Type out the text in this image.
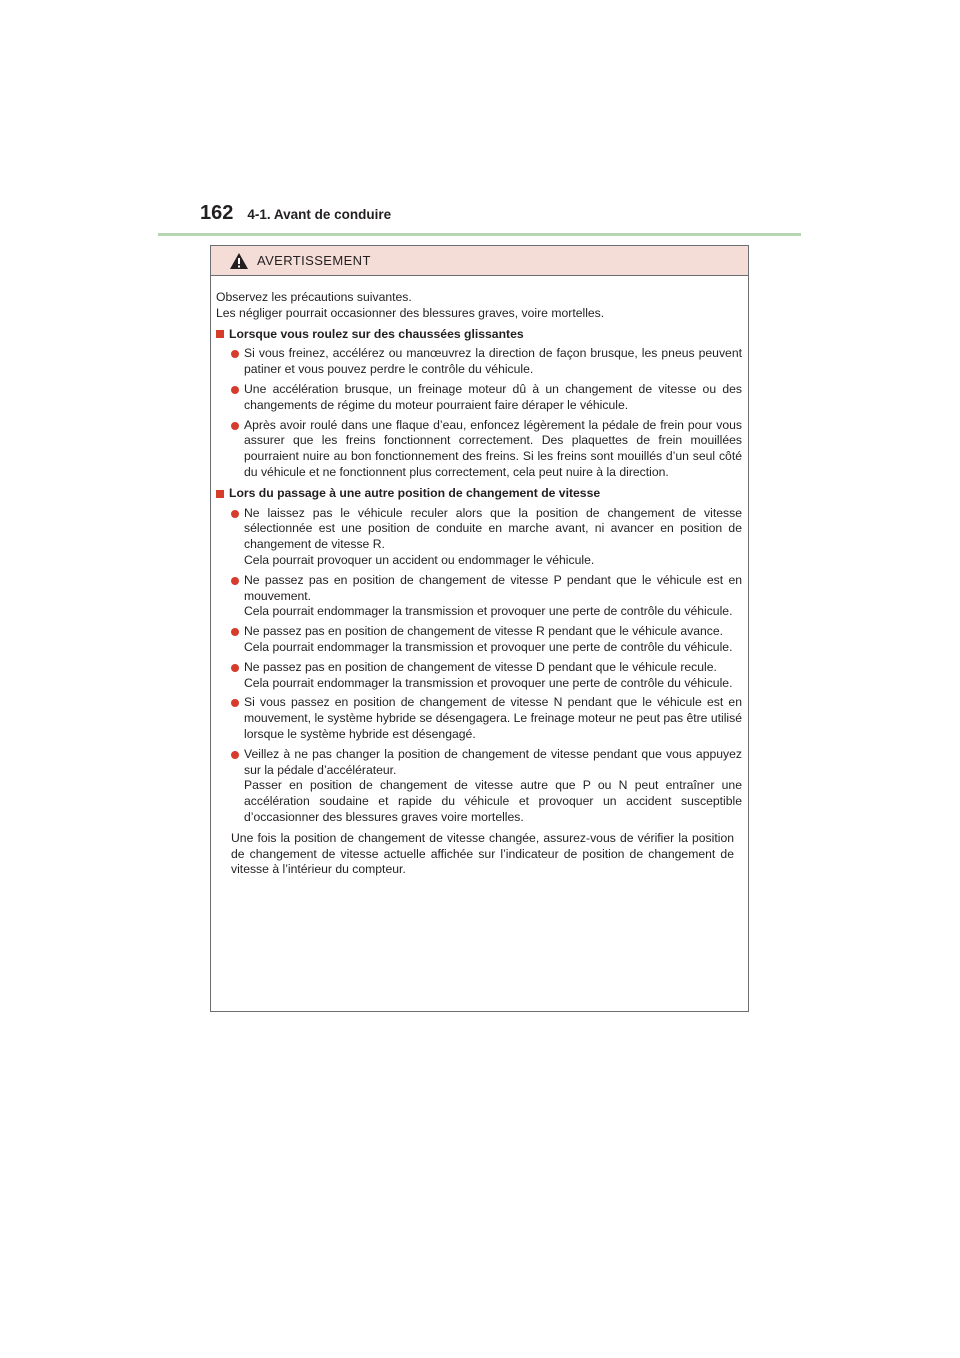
162 4-1. Avant de conduire
AVERTISSEMENT

Observez les précautions suivantes.

Les négliger pourrait occasionner des blessures graves, voire mortelles.

Lorsque vous roulez sur des chaussées glissantes

Si vous freinez, accélérez ou manœuvrez la direction de façon brusque, les pneus peuvent patiner et vous pouvez perdre le contrôle du véhicule.

Une accélération brusque, un freinage moteur dû à un changement de vitesse ou des changements de régime du moteur pourraient faire déraper le véhicule.

Après avoir roulé dans une flaque d’eau, enfoncez légèrement la pédale de frein pour vous assurer que les freins fonctionnent correctement. Des plaquettes de frein mouillées pourraient nuire au bon fonctionnement des freins. Si les freins sont mouillés d’un seul côté du véhicule et ne fonctionnent plus correctement, cela peut nuire à la direction.

Lors du passage à une autre position de changement de vitesse

Ne laissez pas le véhicule reculer alors que la position de changement de vitesse sélectionnée est une position de conduite en marche avant, ni avancer en position de changement de vitesse R.

Cela pourrait provoquer un accident ou endommager le véhicule.

Ne passez pas en position de changement de vitesse P pendant que le véhicule est en mouvement.

Cela pourrait endommager la transmission et provoquer une perte de contrôle du véhicule.

Ne passez pas en position de changement de vitesse R pendant que le véhicule avance.

Cela pourrait endommager la transmission et provoquer une perte de contrôle du véhicule.

Ne passez pas en position de changement de vitesse D pendant que le véhicule recule.

Cela pourrait endommager la transmission et provoquer une perte de contrôle du véhicule.

Si vous passez en position de changement de vitesse N pendant que le véhicule est en mouvement, le système hybride se désengagera. Le freinage moteur ne peut pas être utilisé lorsque le système hybride est désengagé.

Veillez à ne pas changer la position de changement de vitesse pendant que vous appuyez sur la pédale d’accélérateur.

Passer en position de changement de vitesse autre que P ou N peut entraîner une accélération soudaine et rapide du véhicule et provoquer un accident susceptible d’occasionner des blessures graves voire mortelles.

Une fois la position de changement de vitesse changée, assurez-vous de vérifier la position de changement de vitesse actuelle affichée sur l’indicateur de position de changement de vitesse à l’intérieur du compteur.
